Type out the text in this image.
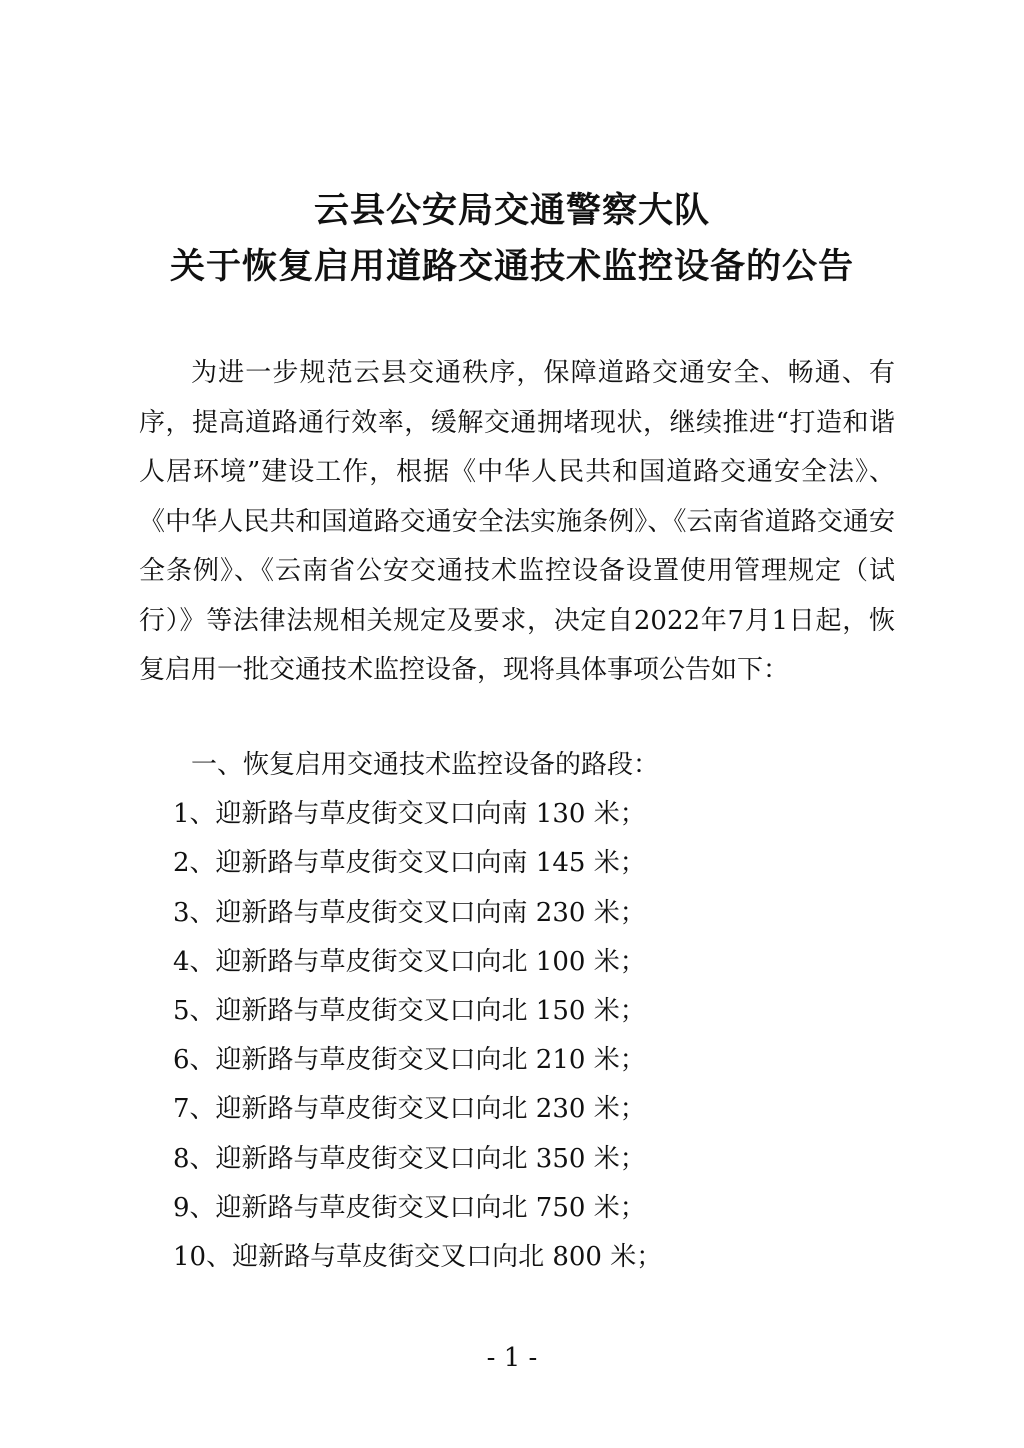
云县公安局交通警察大队
关于恢复启用道路交通技术监控设备的公告

为进一步规范云县交通秩序，保障道路交通安全、畅通、有序，提高道路通行效率，缓解交通拥堵现状，继续推进“打造和谐人居环境”建设工作，根据《中华人民共和国道路交通安全法》、《中华人民共和国道路交通安全法实施条例》、《云南省道路交通安全条例》、《云南省公安交通技术监控设备设置使用管理规定（试行）》等法律法规相关规定及要求，决定自2022年7月1日起，恢复启用一批交通技术监控设备，现将具体事项公告如下：

一、恢复启用交通技术监控设备的路段：
1、迎新路与草皮街交叉口向南 130 米；
2、迎新路与草皮街交叉口向南 145 米；
3、迎新路与草皮街交叉口向南 230 米；
4、迎新路与草皮街交叉口向北 100 米；
5、迎新路与草皮街交叉口向北 150 米；
6、迎新路与草皮街交叉口向北 210 米；
7、迎新路与草皮街交叉口向北 230 米；
8、迎新路与草皮街交叉口向北 350 米；
9、迎新路与草皮街交叉口向北 750 米；
10、迎新路与草皮街交叉口向北 800 米；
- 1 -
